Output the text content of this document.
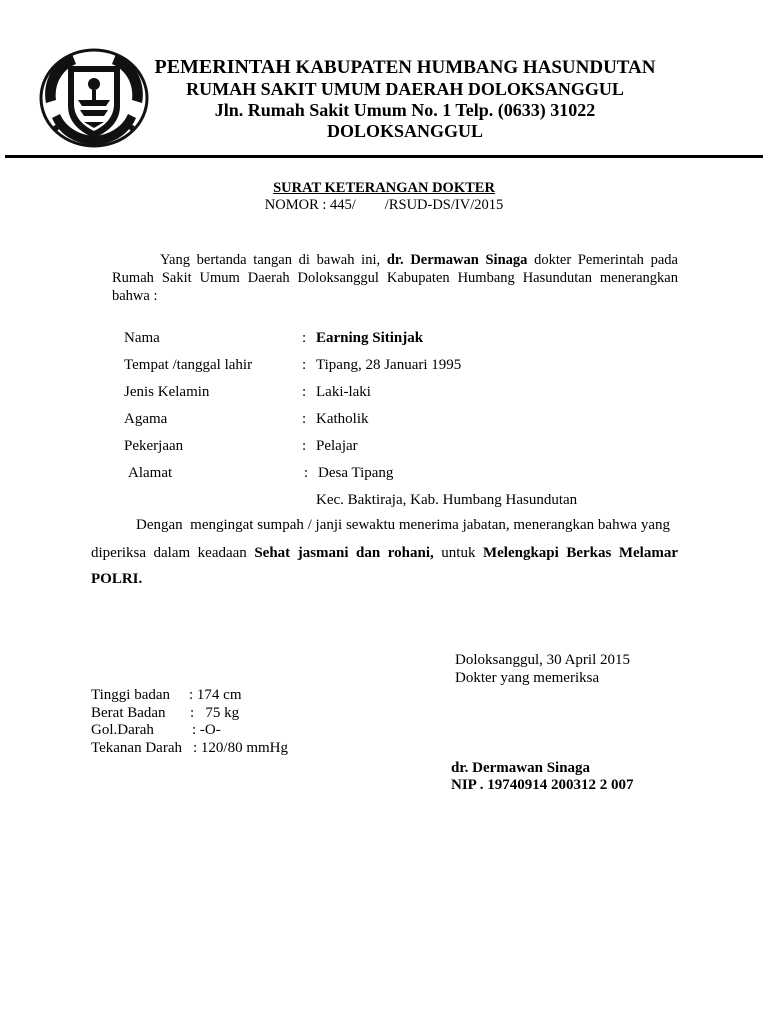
PEMERINTAH KABUPATEN HUMBANG HASUNDUTAN
RUMAH SAKIT UMUM DAERAH DOLOKSANGGUL
Jln. Rumah Sakit Umum No. 1 Telp. (0633) 31022
DOLOKSANGGUL
SURAT KETERANGAN DOKTER
NOMOR : 445/        /RSUD-DS/IV/2015
Yang bertanda tangan di bawah ini, dr. Dermawan Sinaga dokter Pemerintah pada Rumah Sakit Umum Daerah Doloksanggul Kabupaten Humbang Hasundutan menerangkan bahwa :
Nama	: Earning Sitinjak
Tempat /tanggal lahir	: Tipang, 28 Januari 1995
Jenis Kelamin	: Laki-laki
Agama	: Katholik
Pekerjaan	: Pelajar
Alamat	: Desa Tipang
Kec. Baktiraja, Kab. Humbang Hasundutan
Dengan  mengingat sumpah / janji sewaktu menerima jabatan, menerangkan bahwa yang
diperiksa dalam keadaan Sehat jasmani dan rohani, untuk Melengkapi Berkas Melamar
POLRI.
Doloksanggul, 30 April 2015
Dokter yang memeriksa
Tinggi badan : 174 cm
Berat Badan :   75 kg
Gol.Darah	: -O-
Tekanan Darah : 120/80 mmHg
dr. Dermawan Sinaga
NIP . 19740914 200312 2 007
